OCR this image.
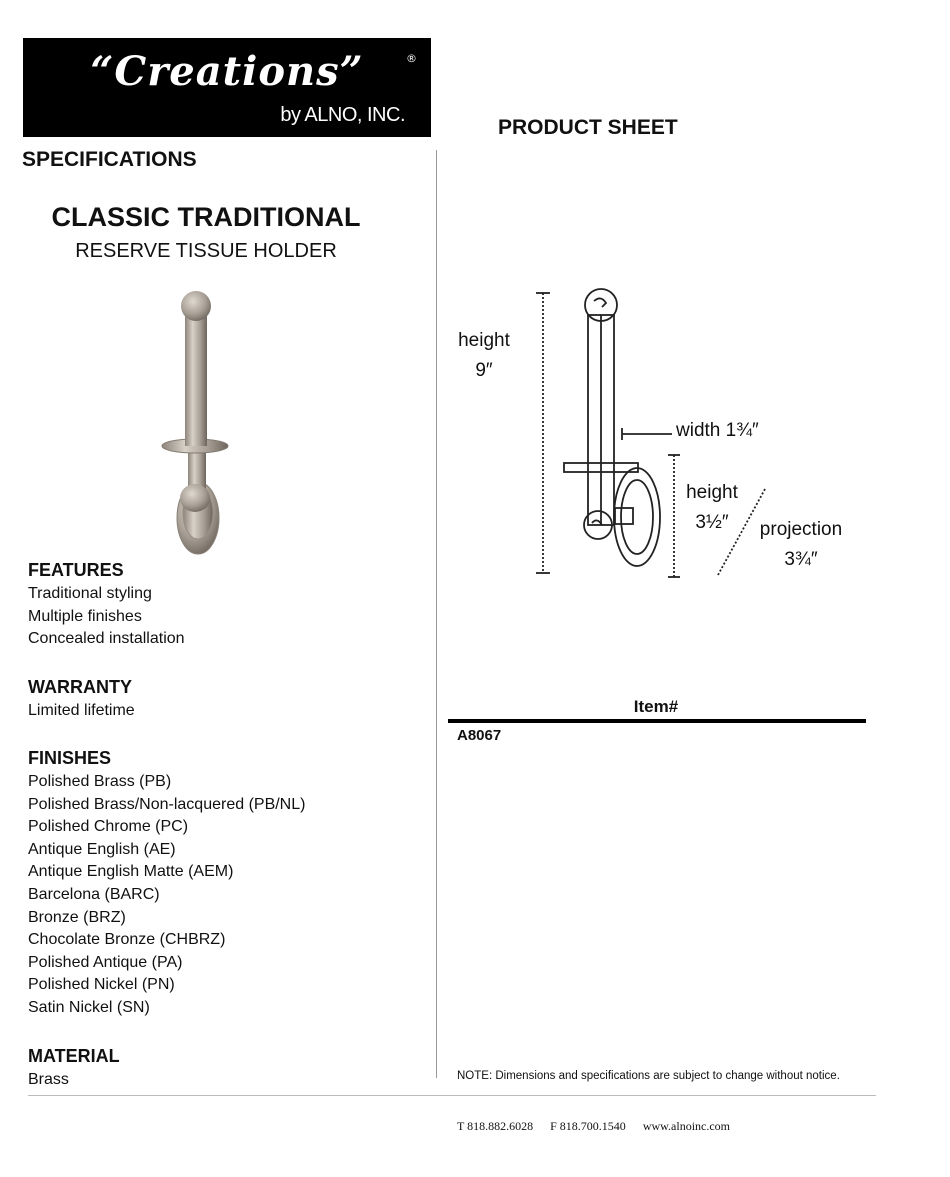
“Creations”	®
by ALNO, INC.
PRODUCT SHEET
SPECIFICATIONS
CLASSIC TRADITIONAL
RESERVE TISSUE HOLDER
height
9″
width 1¾″
height
3½″	projection
3¾″
FEATURES
Traditional styling
Multiple finishes
Concealed installation
WARRANTY
Limited lifetime
FINISHES
Polished Brass (PB)
Polished Brass/Non-lacquered (PB/NL)
Polished Chrome (PC)
Antique English (AE)
Antique English Matte (AEM)
Barcelona (BARC)
Bronze (BRZ)
Chocolate Bronze (CHBRZ)
Polished Antique (PA)
Polished Nickel (PN)
Satin Nickel (SN)
MATERIAL
Brass
Item#
A8067
NOTE: Dimensions and specifications are subject to change without notice.
T 818.882.6028 F 818.700.1540 www.alnoinc.com
